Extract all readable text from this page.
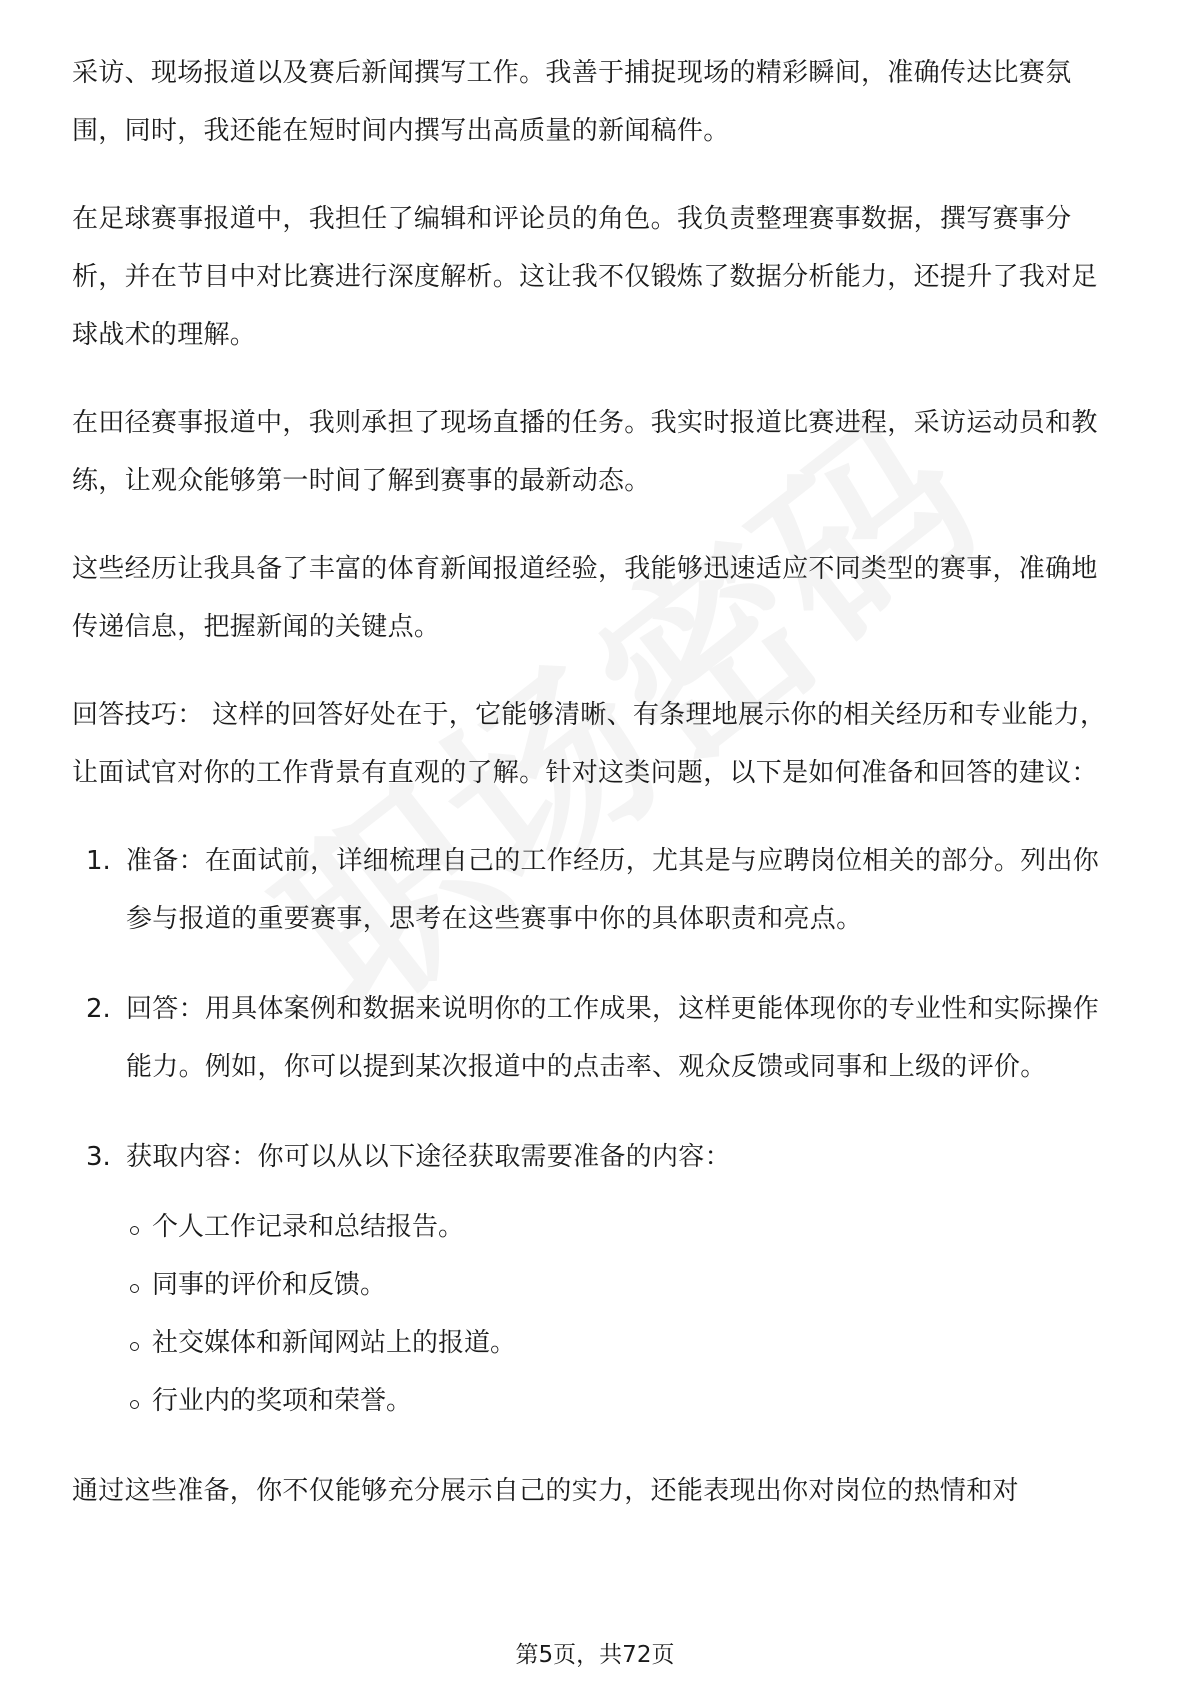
采访、现场报道以及赛后新闻撰写工作。我善于捕捉现场的精彩瞬间，准确传达比赛氛围，同时，我还能在短时间内撰写出高质量的新闻稿件。

在足球赛事报道中，我担任了编辑和评论员的角色。我负责整理赛事数据，撰写赛事分析，并在节目中对比赛进行深度解析。这让我不仅锻炼了数据分析能力，还提升了我对足球战术的理解。

在田径赛事报道中，我则承担了现场直播的任务。我实时报道比赛进程，采访运动员和教练，让观众能够第一时间了解到赛事的最新动态。

这些经历让我具备了丰富的体育新闻报道经验，我能够迅速适应不同类型的赛事，准确地传递信息，把握新闻的关键点。

回答技巧： 这样的回答好处在于，它能够清晰、有条理地展示你的相关经历和专业能力，让面试官对你的工作背景有直观的了解。针对这类问题，以下是如何准备和回答的建议：

1. 准备：在面试前，详细梳理自己的工作经历，尤其是与应聘岗位相关的部分。列出你参与报道的重要赛事，思考在这些赛事中你的具体职责和亮点。

2. 回答：用具体案例和数据来说明你的工作成果，这样更能体现你的专业性和实际操作能力。例如，你可以提到某次报道中的点击率、观众反馈或同事和上级的评价。

3. 获取内容：你可以从以下途径获取需要准备的内容：

个人工作记录和总结报告。
同事的评价和反馈。
社交媒体和新闻网站上的报道。
行业内的奖项和荣誉。

通过这些准备，你不仅能够充分展示自己的实力，还能表现出你对岗位的热情和对

第5页，共72页
